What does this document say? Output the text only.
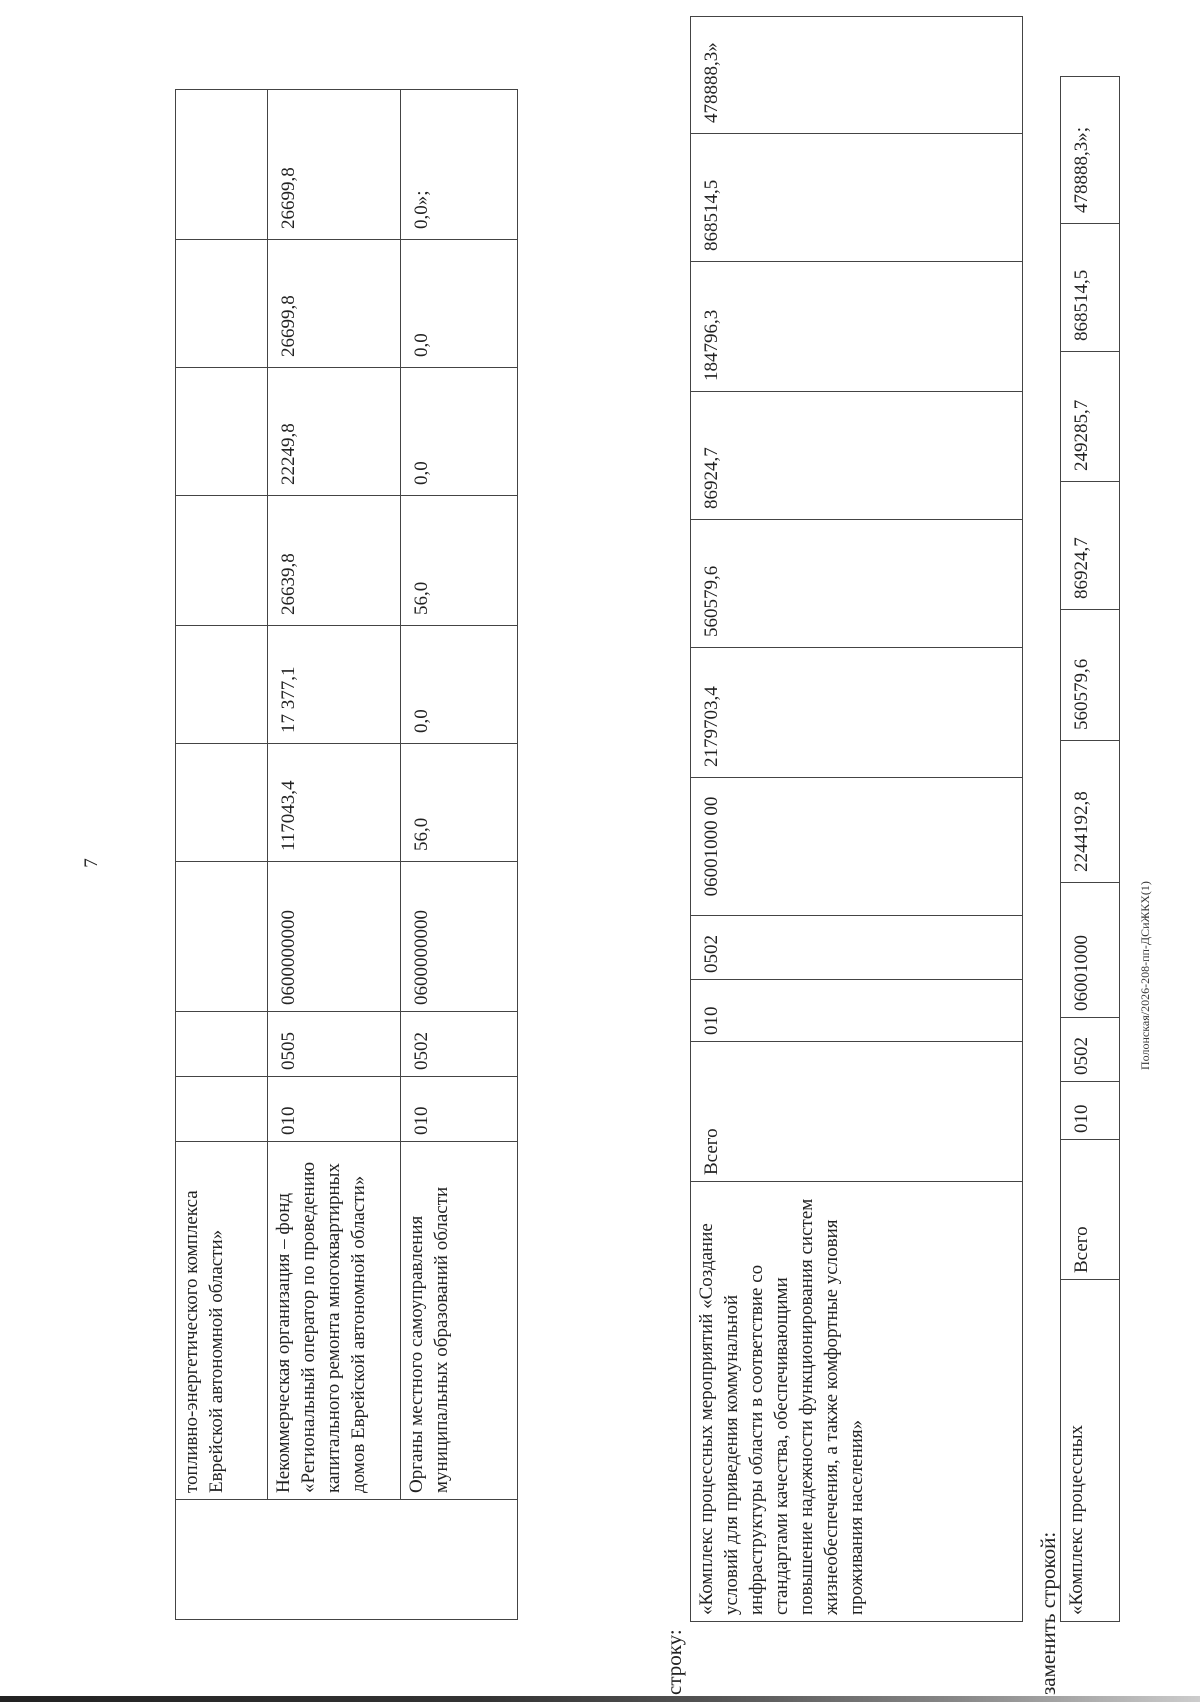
7
	топливно-энергетического комплекса Еврейской автономной области»									
	Некоммерческая организация – фонд «Региональный оператор по проведению капитального ремонта многоквартирных домов Еврейской автономной области»	010	0505	0600000000	117043,4	17 377,1	26639,8	22249,8	26699,8	26699,8
	Органы местного самоуправления муниципальных образований области	010	0502	0600000000	56,0	0,0	56,0	0,0	0,0	0,0»;
строку:
«Комплекс процессных мероприятий «Создание условий для приведения коммунальной инфраструктуры области в соответствие со стандартами качества, обеспечивающими повышение надежности функционирования систем жизнеобеспечения, а также комфортные условия проживания населения»	Всего	010	0502	06001000 00	2179703,4	560579,6	86924,7	184796,3	868514,5	478888,3»
заменить строкой: «Комплекс процессных	Всего	010	0502	06001000	2244192,8	560579,6	86924,7	249285,7	868514,5	478888,3»;
Полонская/2026-208-пп-ДСиЖКХ(1)
